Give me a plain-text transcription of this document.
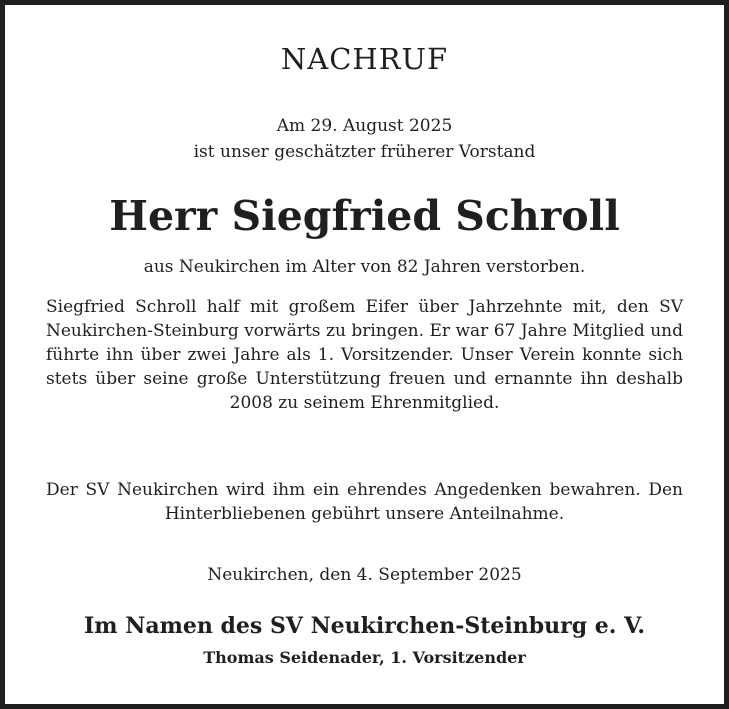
NACHRUF
Am 29. August 2025
ist unser geschätzter früherer Vorstand
Herr Siegfried Schroll
aus Neukirchen im Alter von 82 Jahren verstorben.
Siegfried Schroll half mit großem Eifer über Jahrzehnte mit, den SV Neukirchen-Steinburg vorwärts zu bringen. Er war 67 Jahre Mitglied und führte ihn über zwei Jahre als 1. Vorsitzender. Unser Verein konnte sich stets über seine große Unterstützung freuen und ernannte ihn deshalb 2008 zu seinem Ehrenmitglied.
Der SV Neukirchen wird ihm ein ehrendes Angedenken bewahren. Den Hinterbliebenen gebührt unsere Anteilnahme.
Neukirchen, den 4. September 2025
Im Namen des SV Neukirchen-Steinburg e. V.
Thomas Seidenader, 1. Vorsitzender
